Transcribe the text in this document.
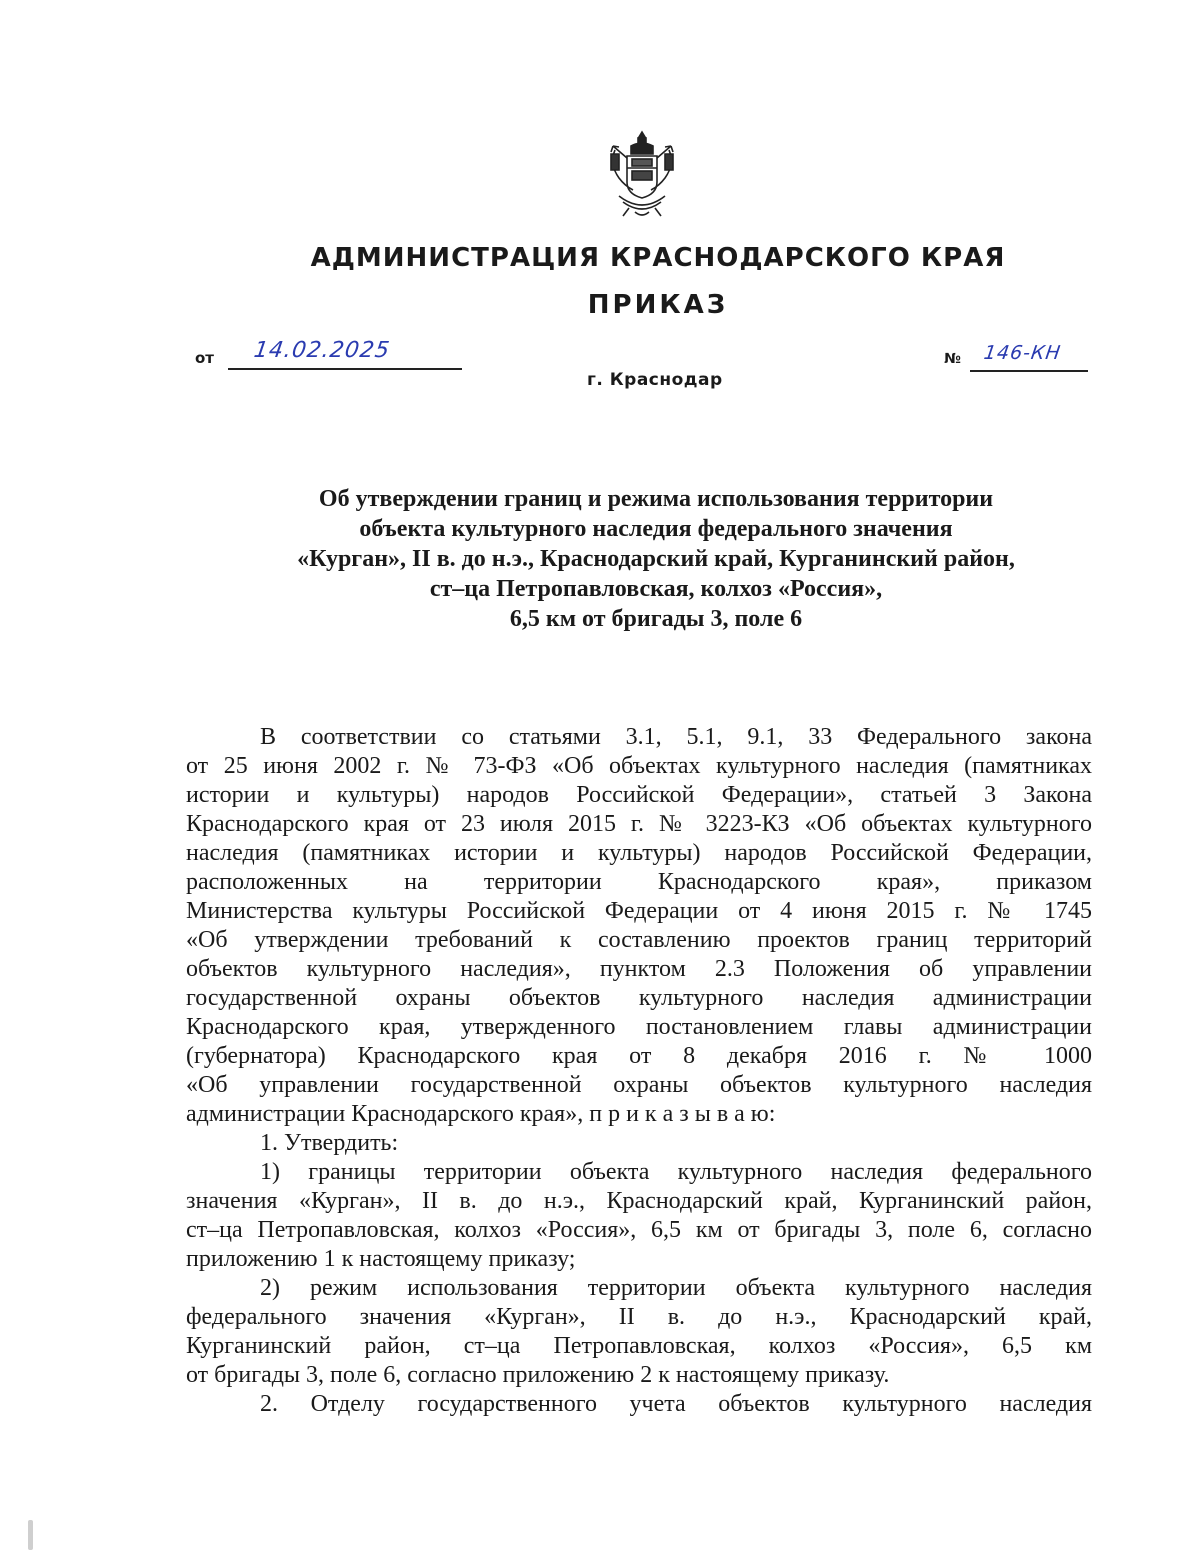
АДМИНИСТРАЦИЯ КРАСНОДАРСКОГО КРАЯ
ПРИКАЗ
от 14.02.2025
г. Краснодар
№ 146-КН
Об утверждении границ и режима использования территории
объекта культурного наследия федерального значения
«Курган», II в. до н.э., Краснодарский край, Курганинский район,
ст–ца Петропавловская, колхоз «Россия»,
6,5 км от бригады 3, поле 6
В соответствии со статьями 3.1, 5.1, 9.1, 33 Федерального закона
от 25 июня 2002 г. № 73-ФЗ «Об объектах культурного наследия (памятниках
истории и культуры) народов Российской Федерации», статьей 3 Закона
Краснодарского края от 23 июля 2015 г. № 3223-КЗ «Об объектах культурного
наследия (памятниках истории и культуры) народов Российской Федерации,
расположенных на территории Краснодарского края», приказом
Министерства культуры Российской Федерации от 4 июня 2015 г. № 1745
«Об утверждении требований к составлению проектов границ территорий
объектов культурного наследия», пунктом 2.3 Положения об управлении
государственной охраны объектов культурного наследия администрации
Краснодарского края, утвержденного постановлением главы администрации
(губернатора) Краснодарского края от 8 декабря 2016 г. № 1000
«Об управлении государственной охраны объектов культурного наследия
администрации Краснодарского края», п р и к а з ы в а ю:
1. Утвердить:
1) границы территории объекта культурного наследия федерального
значения «Курган», II в. до н.э., Краснодарский край, Курганинский район,
ст–ца Петропавловская, колхоз «Россия», 6,5 км от бригады 3, поле 6, согласно
приложению 1 к настоящему приказу;
2) режим использования территории объекта культурного наследия
федерального значения «Курган», II в. до н.э., Краснодарский край,
Курганинский район, ст–ца Петропавловская, колхоз «Россия», 6,5 км
от бригады 3, поле 6, согласно приложению 2 к настоящему приказу.
2. Отделу государственного учета объектов культурного наследия
